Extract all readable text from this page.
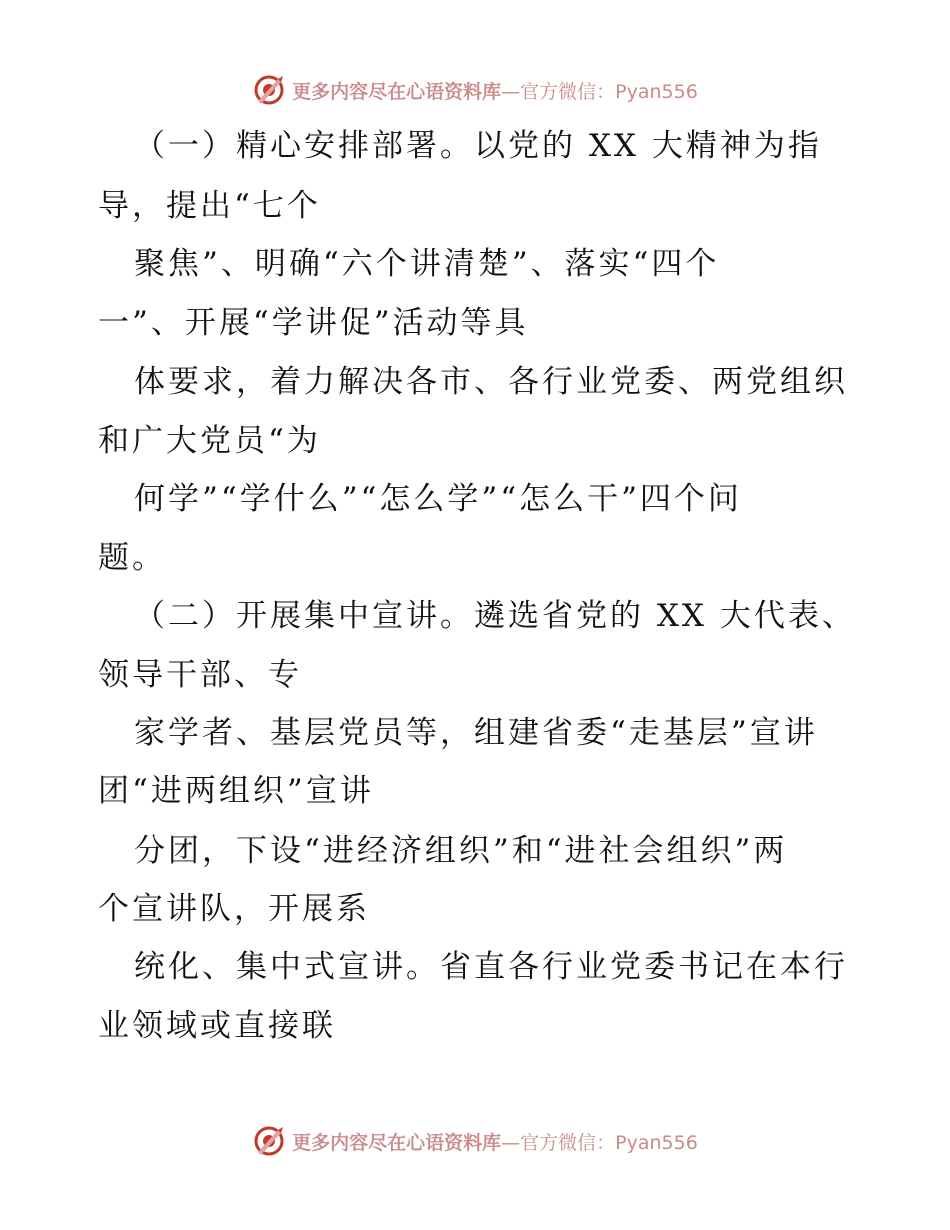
更多内容尽在心语资料库—官方微信：Pyan556
（一）精心安排部署。以党的 XX 大精神为指
导，提出“七个
聚焦”、明确“六个讲清楚”、落实“四个
一”、开展“学讲促”活动等具
体要求，着力解决各市、各行业党委、两党组织
和广大党员“为
何学”“学什么”“怎么学”“怎么干”四个问
题。
（二）开展集中宣讲。遴选省党的 XX 大代表、
领导干部、专
家学者、基层党员等，组建省委“走基层”宣讲
团“进两组织”宣讲
分团，下设“进经济组织”和“进社会组织”两
个宣讲队，开展系
统化、集中式宣讲。省直各行业党委书记在本行
业领域或直接联
更多内容尽在心语资料库—官方微信：Pyan556
